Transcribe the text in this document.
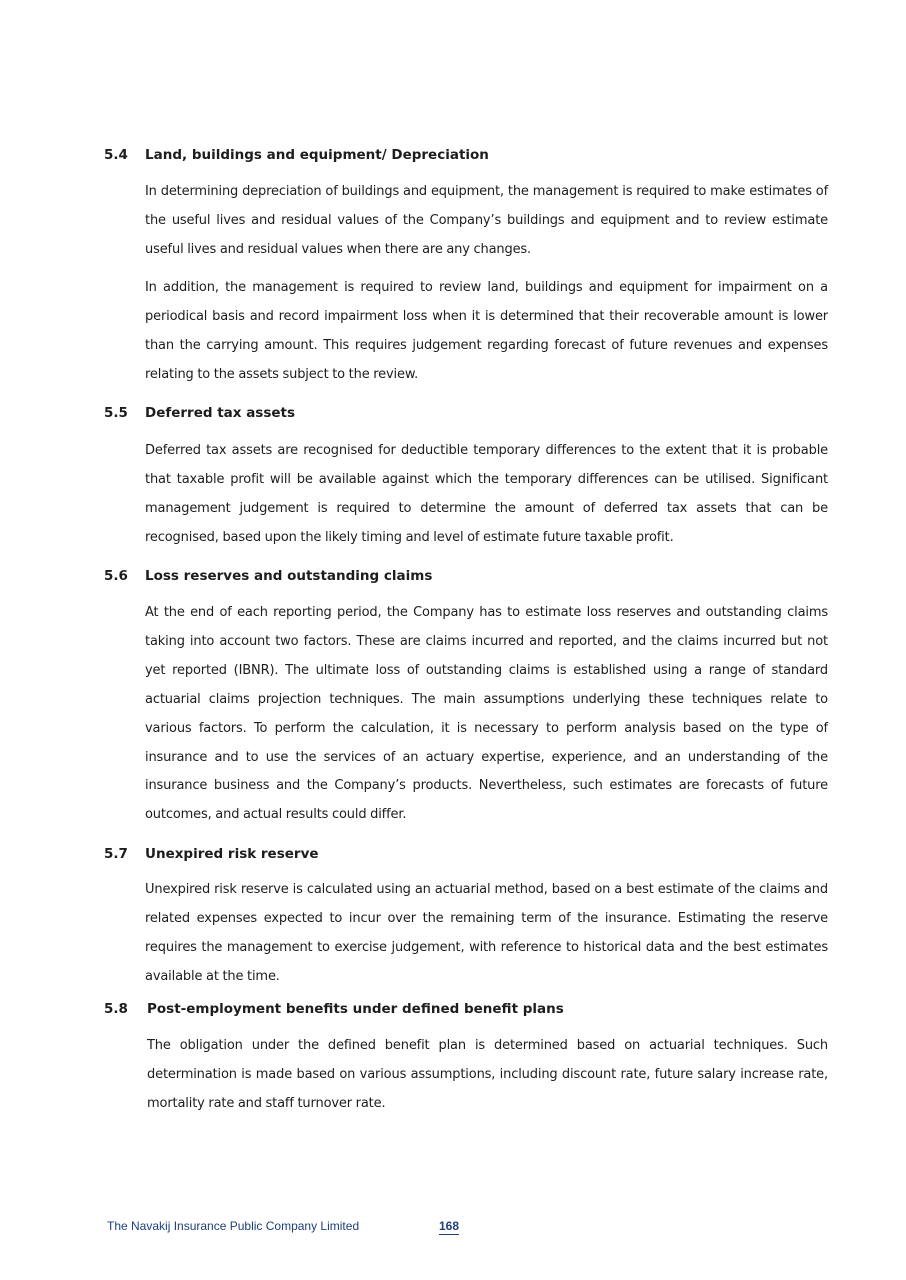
5.4 Land, buildings and equipment/ Depreciation

In determining depreciation of buildings and equipment, the management is required to make estimates of the useful lives and residual values of the Company’s buildings and equipment and to review estimate useful lives and residual values when there are any changes.

In addition, the management is required to review land, buildings and equipment for impairment on a periodical basis and record impairment loss when it is determined that their recoverable amount is lower than the carrying amount. This requires judgement regarding forecast of future revenues and expenses relating to the assets subject to the review.

5.5 Deferred tax assets

Deferred tax assets are recognised for deductible temporary differences to the extent that it is probable that taxable profit will be available against which the temporary differences can be utilised. Significant management judgement is required to determine the amount of deferred tax assets that can be recognised, based upon the likely timing and level of estimate future taxable profit.

5.6 Loss reserves and outstanding claims

At the end of each reporting period, the Company has to estimate loss reserves and outstanding claims taking into account two factors. These are claims incurred and reported, and the claims incurred but not yet reported (IBNR). The ultimate loss of outstanding claims is established using a range of standard actuarial claims projection techniques. The main assumptions underlying these techniques relate to various factors. To perform the calculation, it is necessary to perform analysis based on the type of insurance and to use the services of an actuary expertise, experience, and an understanding of the insurance business and the Company’s products. Nevertheless, such estimates are forecasts of future outcomes, and actual results could differ.

5.7 Unexpired risk reserve

Unexpired risk reserve is calculated using an actuarial method, based on a best estimate of the claims and related expenses expected to incur over the remaining term of the insurance. Estimating the reserve requires the management to exercise judgement, with reference to historical data and the best estimates available at the time.

5.8 Post-employment benefits under defined benefit plans

The obligation under the defined benefit plan is determined based on actuarial techniques. Such determination is made based on various assumptions, including discount rate, future salary increase rate, mortality rate and staff turnover rate.

The Navakij Insurance Public Company Limited	168
